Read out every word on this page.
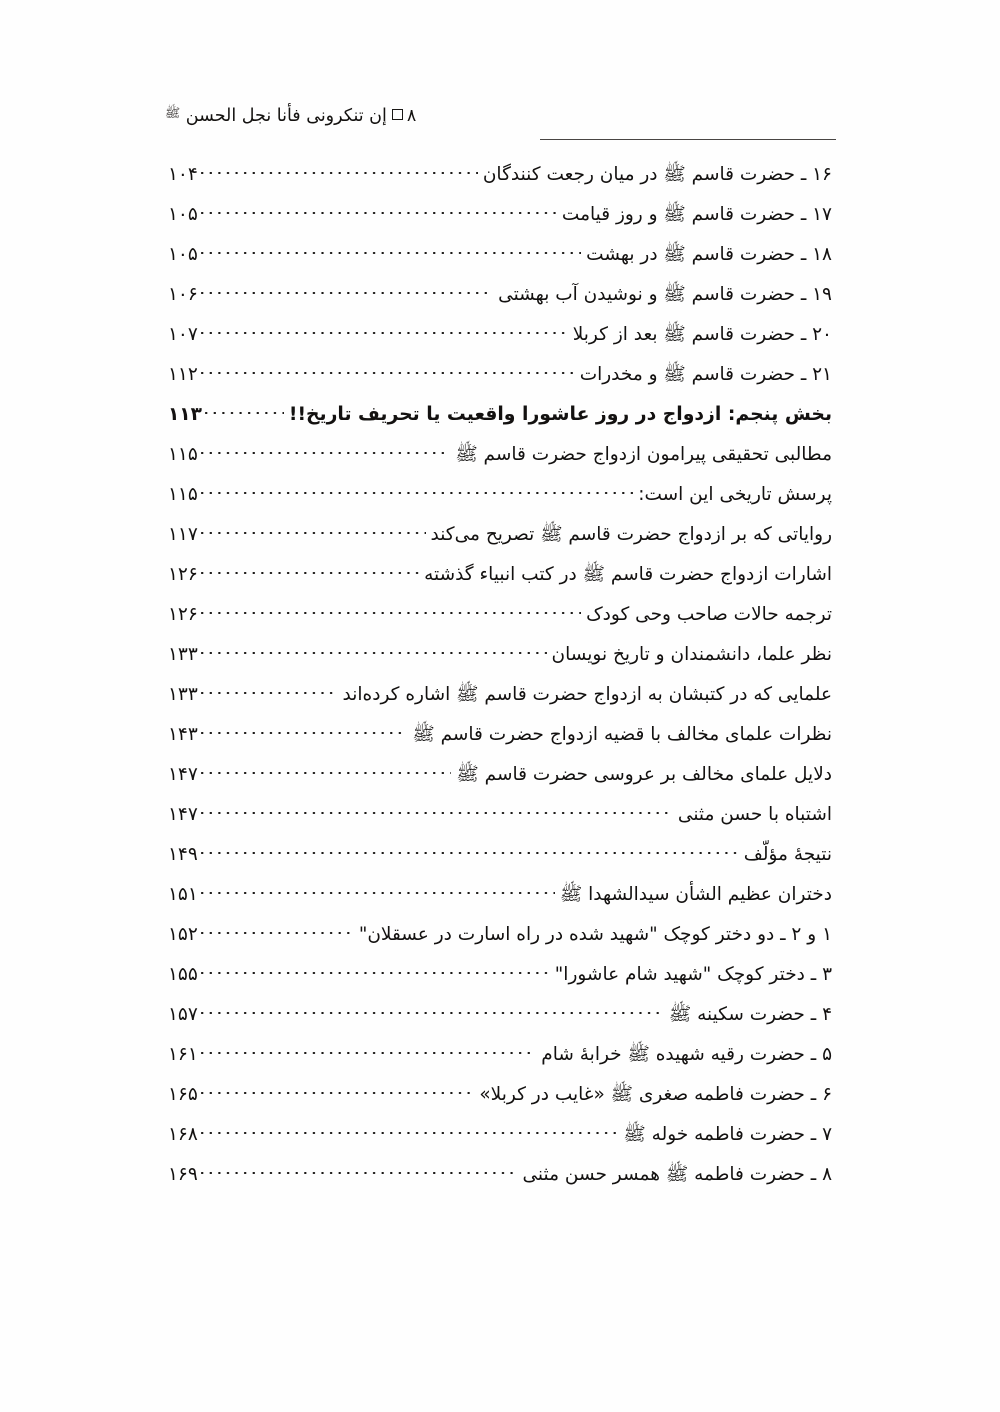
۸إن تنكرونى فأنا نجل الحسن $^ﷺ$
۱۶ ـ حضرت قاسم ﷺ در میان رجعت کنندگان
۱۰۴
۱۷ ـ حضرت قاسم ﷺ و روز قیامت
۱۰۵
۱۸ ـ حضرت قاسم ﷺ در بهشت
۱۰۵
۱۹ ـ حضرت قاسم ﷺ و نوشیدن آب بهشتی
۱۰۶
۲۰ ـ حضرت قاسم ﷺ بعد از کربلا
۱۰۷
۲۱ ـ حضرت قاسم ﷺ و مخدرات
۱۱۲
بخش پنجم: ازدواج در روز عاشورا واقعیت یا تحریف تاریخ!!
۱۱۳
مطالبی تحقیقی پیرامون ازدواج حضرت قاسم ﷺ
۱۱۵
پرسش تاریخی این است:
۱۱۵
روایاتی که بر ازدواج حضرت قاسم ﷺ تصریح می‌کند
۱۱۷
اشارات ازدواج حضرت قاسم ﷺ در کتب انبیاء گذشته
۱۲۶
ترجمه حالات صاحب وحی کودک
۱۲۶
نظر علما، دانشمندان و تاریخ نویسان
۱۳۳
علمایی که در کتبشان به ازدواج حضرت قاسم ﷺ اشاره کرده‌اند
۱۳۳
نظرات علمای مخالف با قضیه ازدواج حضرت قاسم ﷺ
۱۴۳
دلایل علمای مخالف بر عروسی حضرت قاسم ﷺ
۱۴۷
اشتباه با حسن مثنی
۱۴۷
نتیجهٔ مؤلّف
۱۴۹
دختران عظیم الشأن سیدالشهدا ﷺ
۱۵۱
۱ و ۲ ـ دو دختر کوچک "شهید شده در راه اسارت در عسقلان"
۱۵۲
۳ ـ دختر کوچک "شهید شام عاشورا"
۱۵۵
۴ ـ حضرت سکینه ﷺ
۱۵۷
۵ ـ حضرت رقیه شهیده ﷺ خرابهٔ شام
۱۶۱
۶ ـ حضرت فاطمه صغری ﷺ «غایب در کربلا»
۱۶۵
۷ ـ حضرت فاطمه خوله ﷺ
۱۶۸
۸ ـ حضرت فاطمه ﷺ همسر حسن مثنی
۱۶۹
